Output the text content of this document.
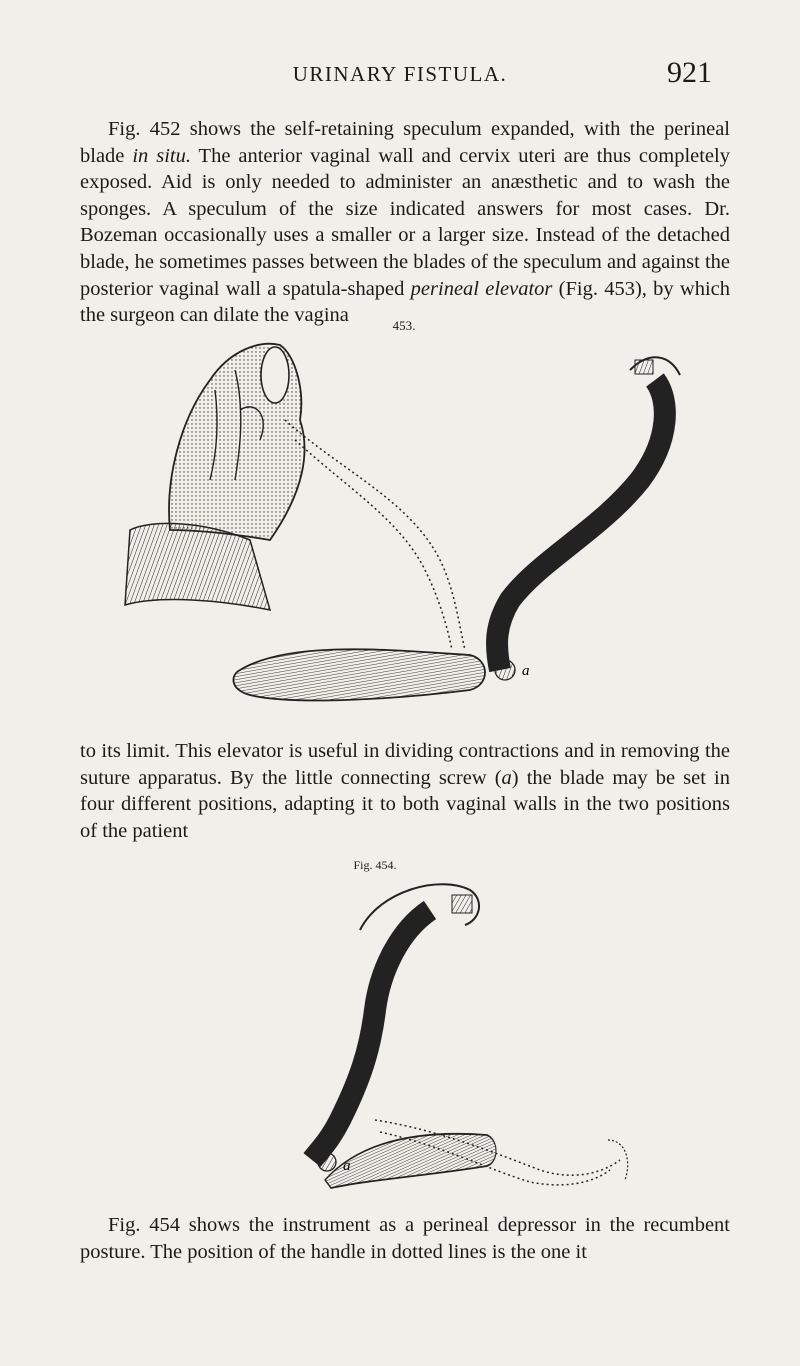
URINARY FISTULA.	921

Fig. 452 shows the self-retaining speculum expanded, with the perineal blade in situ. The anterior vaginal wall and cervix uteri are thus completely exposed. Aid is only needed to administer an anæsthetic and to wash the sponges. A speculum of the size indicated answers for most cases. Dr. Bozeman occasionally uses a smaller or a larger size. Instead of the detached blade, he sometimes passes between the blades of the speculum and against the posterior vaginal wall a spatula-shaped perineal elevator (Fig. 453), by which the surgeon can dilate the vagina	453.
a

to its limit. This elevator is useful in dividing contractions and in removing the suture apparatus. By the little connecting screw (a) the blade may be set in four different positions, adapting it to both vaginal walls in the two positions of the patient

Fig. 454.
a

Fig. 454 shows the instrument as a perineal depressor in the recumbent posture. The position of the handle in dotted lines is the one it
